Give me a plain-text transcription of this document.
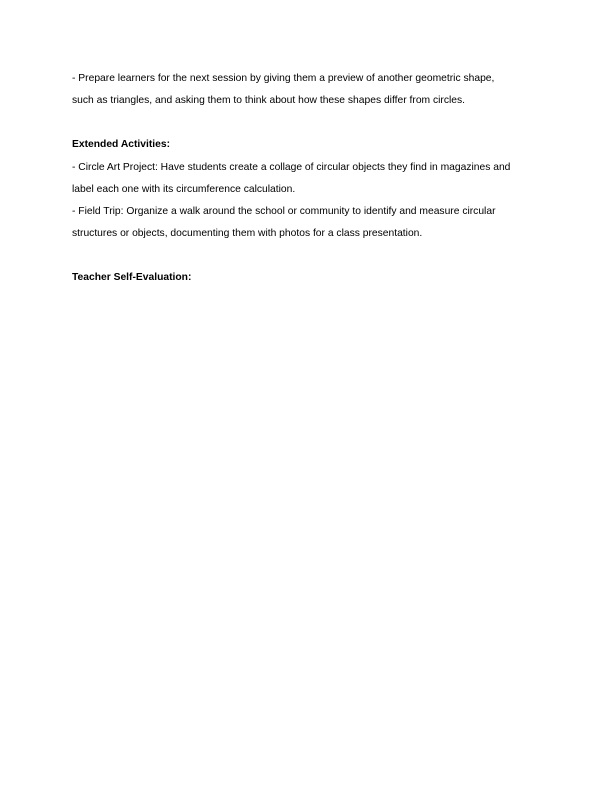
- Prepare learners for the next session by giving them a preview of another geometric shape,

such as triangles, and asking them to think about how these shapes differ from circles.

Extended Activities:

- Circle Art Project: Have students create a collage of circular objects they find in magazines and

label each one with its circumference calculation.

- Field Trip: Organize a walk around the school or community to identify and measure circular

structures or objects, documenting them with photos for a class presentation.

Teacher Self-Evaluation:
